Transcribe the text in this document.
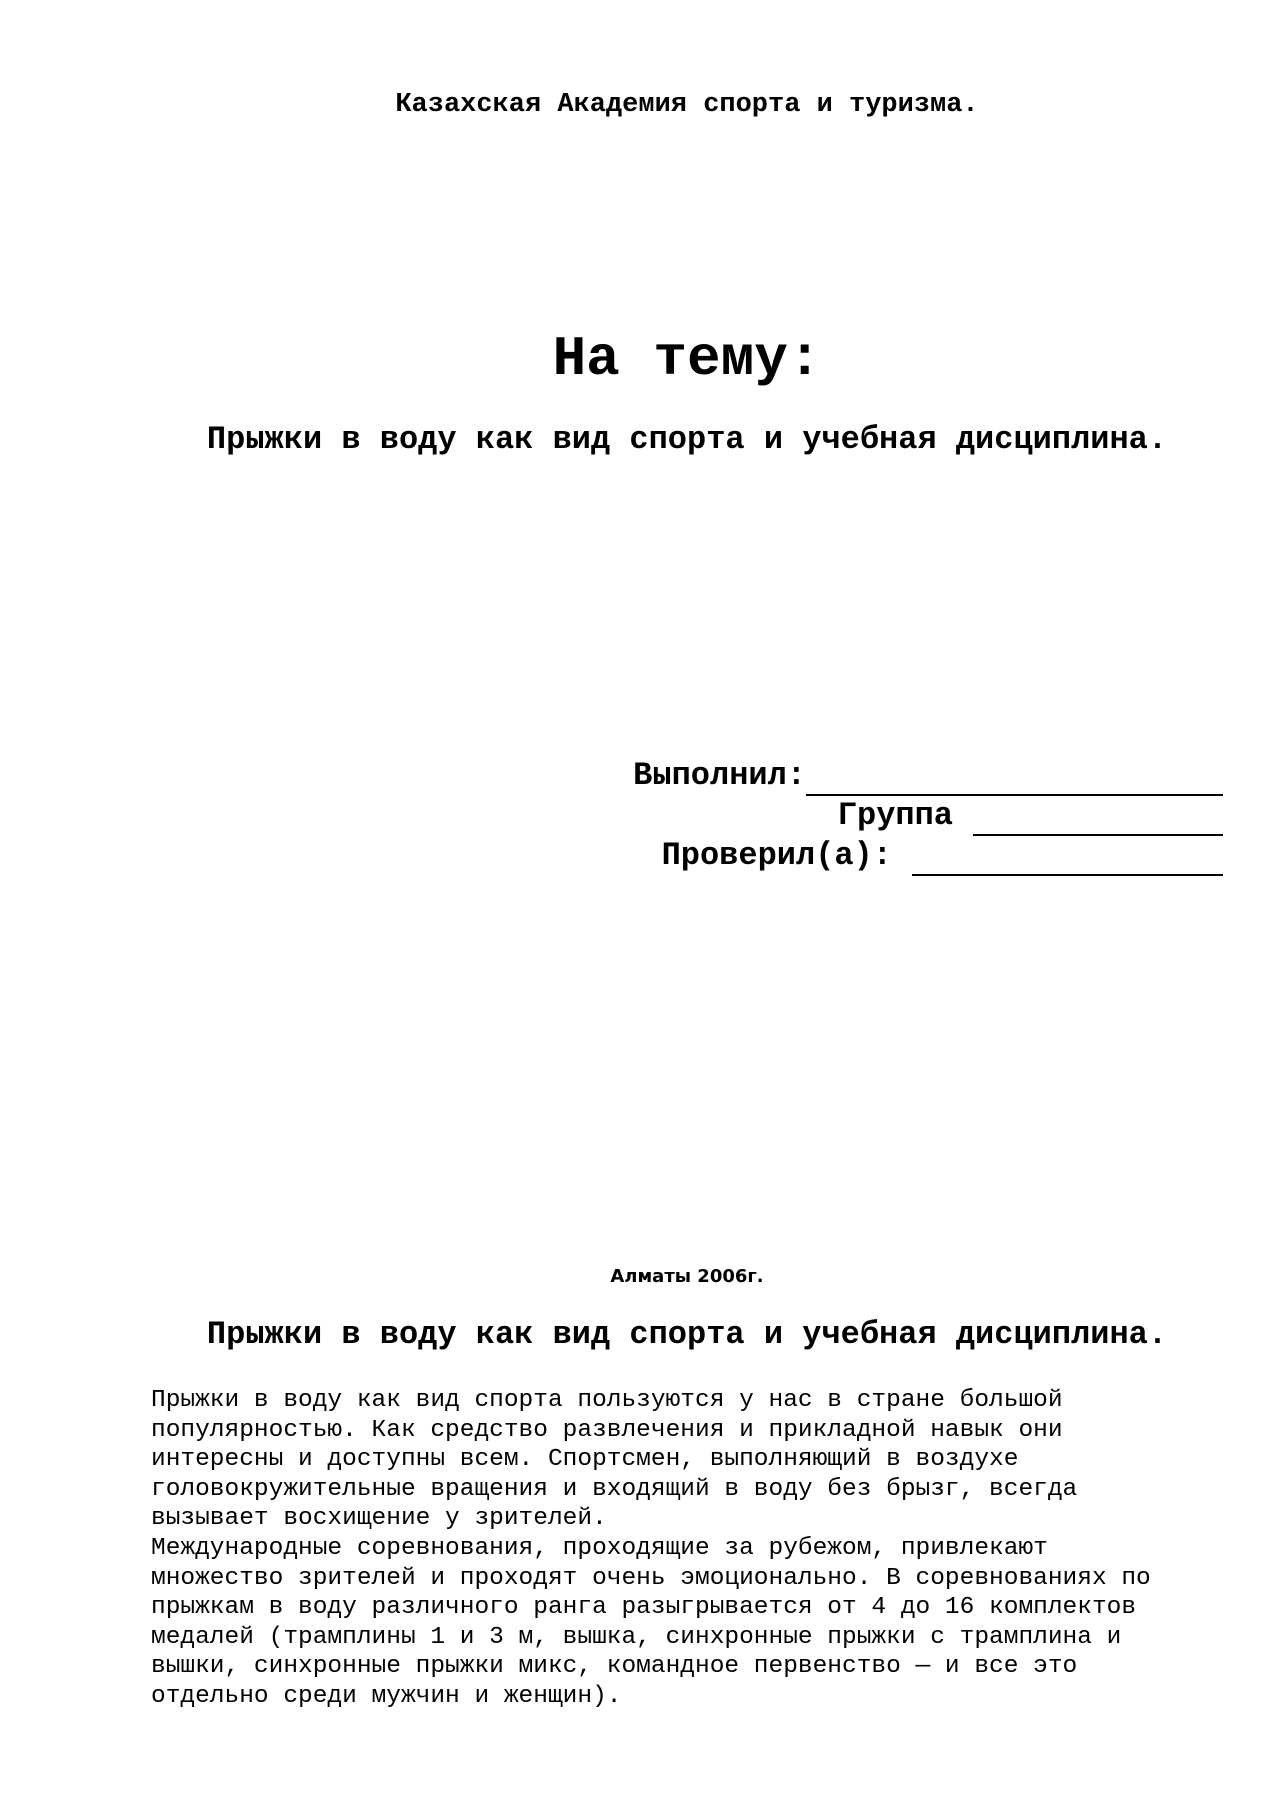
Казахская Академия спорта и туризма.
На тему:
Прыжки в воду как вид спорта и учебная дисциплина.
Выполнил:
Группа
Проверил(а):
Алматы 2006г.
Прыжки в воду как вид спорта и учебная дисциплина.
Прыжки в воду как вид спорта пользуются у нас в стране большой
популярностью. Как средство развлечения и прикладной навык они
интересны и доступны всем. Спортсмен, выполняющий в воздухе
головокружительные вращения и входящий в воду без брызг, всегда
вызывает восхищение у зрителей.
Международные соревнования, проходящие за рубежом, привлекают
множество зрителей и проходят очень эмоционально. В соревнованиях по
прыжкам в воду различного ранга разыгрывается от 4 до 16 комплектов
медалей (трамплины 1 и 3 м, вышка, синхронные прыжки с трамплина и
вышки, синхронные прыжки микс, командное первенство — и все это
отдельно среди мужчин и женщин).
